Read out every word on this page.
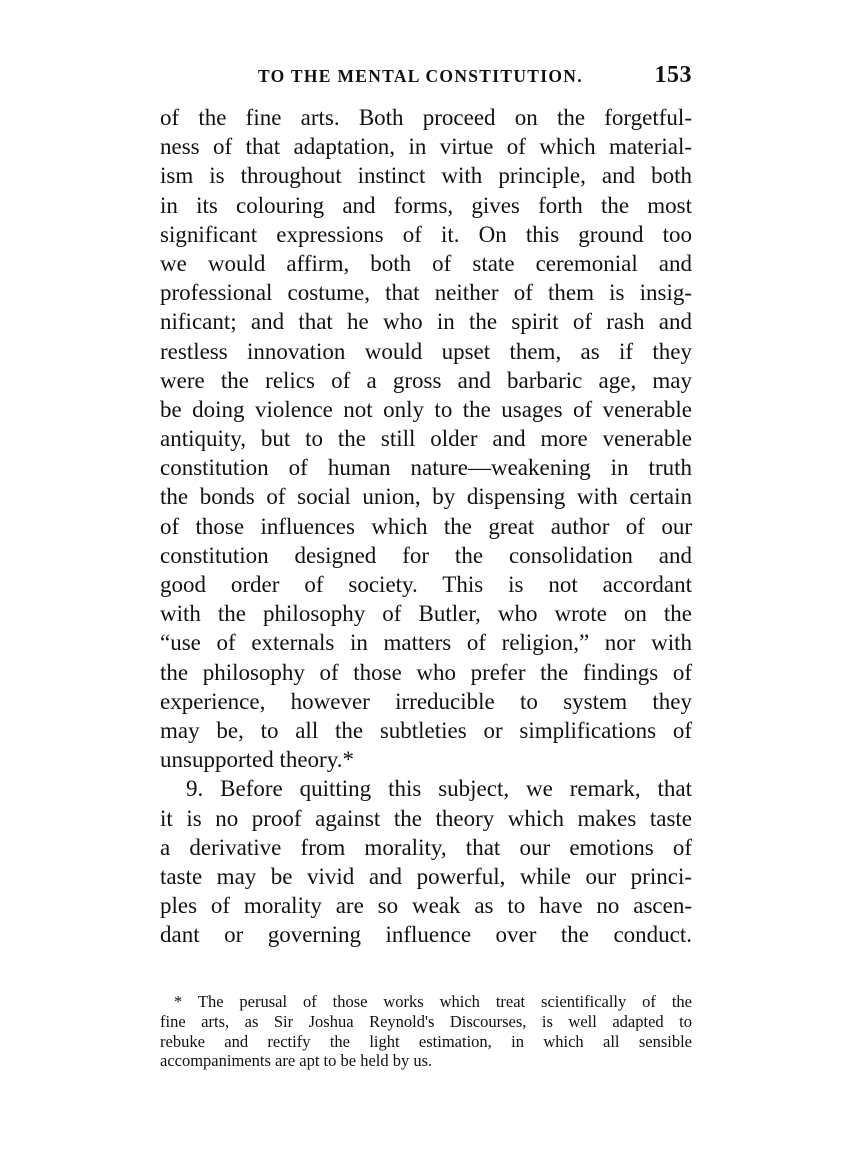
TO THE MENTAL CONSTITUTION.	153
of the fine arts. Both proceed on the forgetful-
ness of that adaptation, in virtue of which material-
ism is throughout instinct with principle, and both
in its colouring and forms, gives forth the most
significant expressions of it. On this ground too
we would affirm, both of state ceremonial and
professional costume, that neither of them is insig-
nificant; and that he who in the spirit of rash and
restless innovation would upset them, as if they
were the relics of a gross and barbaric age, may
be doing violence not only to the usages of venerable
antiquity, but to the still older and more venerable
constitution of human nature—weakening in truth
the bonds of social union, by dispensing with certain
of those influences which the great author of our
constitution designed for the consolidation and
good order of society. This is not accordant
with the philosophy of Butler, who wrote on the
“use of externals in matters of religion,” nor with
the philosophy of those who prefer the findings of
experience, however irreducible to system they
may be, to all the subtleties or simplifications of
unsupported theory.*
9. Before quitting this subject, we remark, that
it is no proof against the theory which makes taste
a derivative from morality, that our emotions of
taste may be vivid and powerful, while our princi-
ples of morality are so weak as to have no ascen-
dant or governing influence over the conduct.
* The perusal of those works which treat scientifically of the
fine arts, as Sir Joshua Reynold's Discourses, is well adapted to
rebuke and rectify the light estimation, in which all sensible
accompaniments are apt to be held by us.
